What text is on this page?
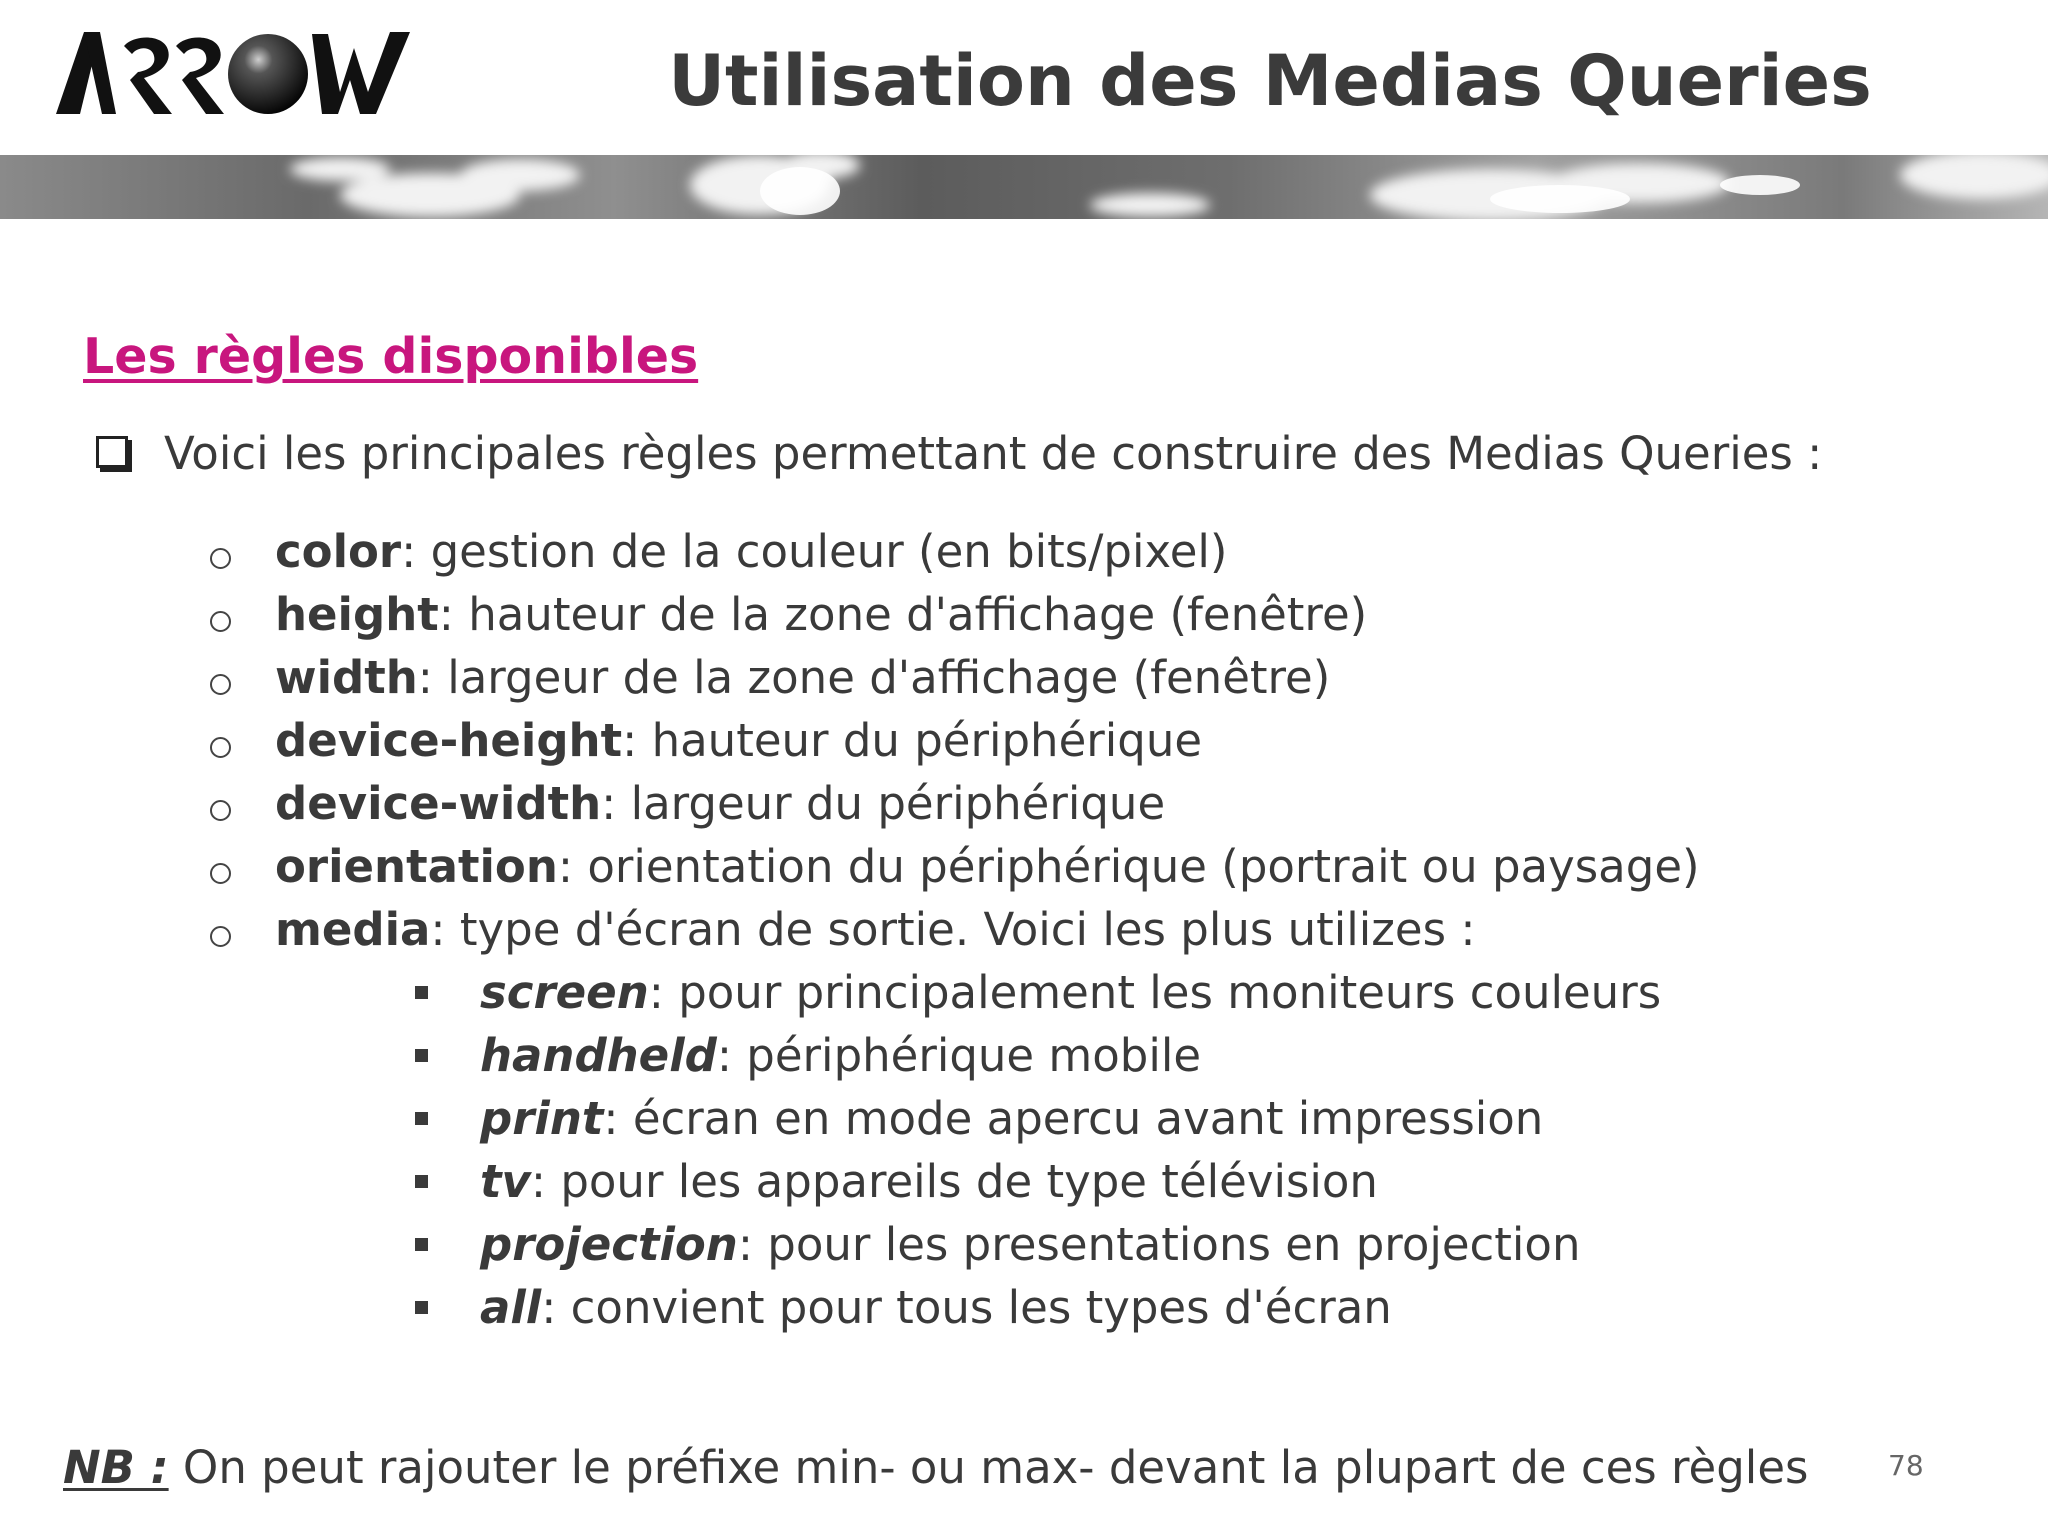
Utilisation des Medias Queries
Les règles disponibles
Voici les principales règles permettant de construire des Medias Queries :
color : gestion de la couleur (en bits/pixel)
height : hauteur de la zone d'affichage (fenêtre)
width : largeur de la zone d'affichage (fenêtre)
device-height : hauteur du périphérique
device-width : largeur du périphérique
orientation : orientation du périphérique (portrait ou paysage)
media : type d'écran de sortie. Voici les plus utilizes :
screen : pour principalement les moniteurs couleurs
handheld : périphérique mobile
print : écran en mode apercu avant impression
tv : pour les appareils de type télévision
projection : pour les presentations en projection
all : convient pour tous les types d'écran
NB : On peut rajouter le préfixe min- ou max- devant la plupart de ces règles	78
